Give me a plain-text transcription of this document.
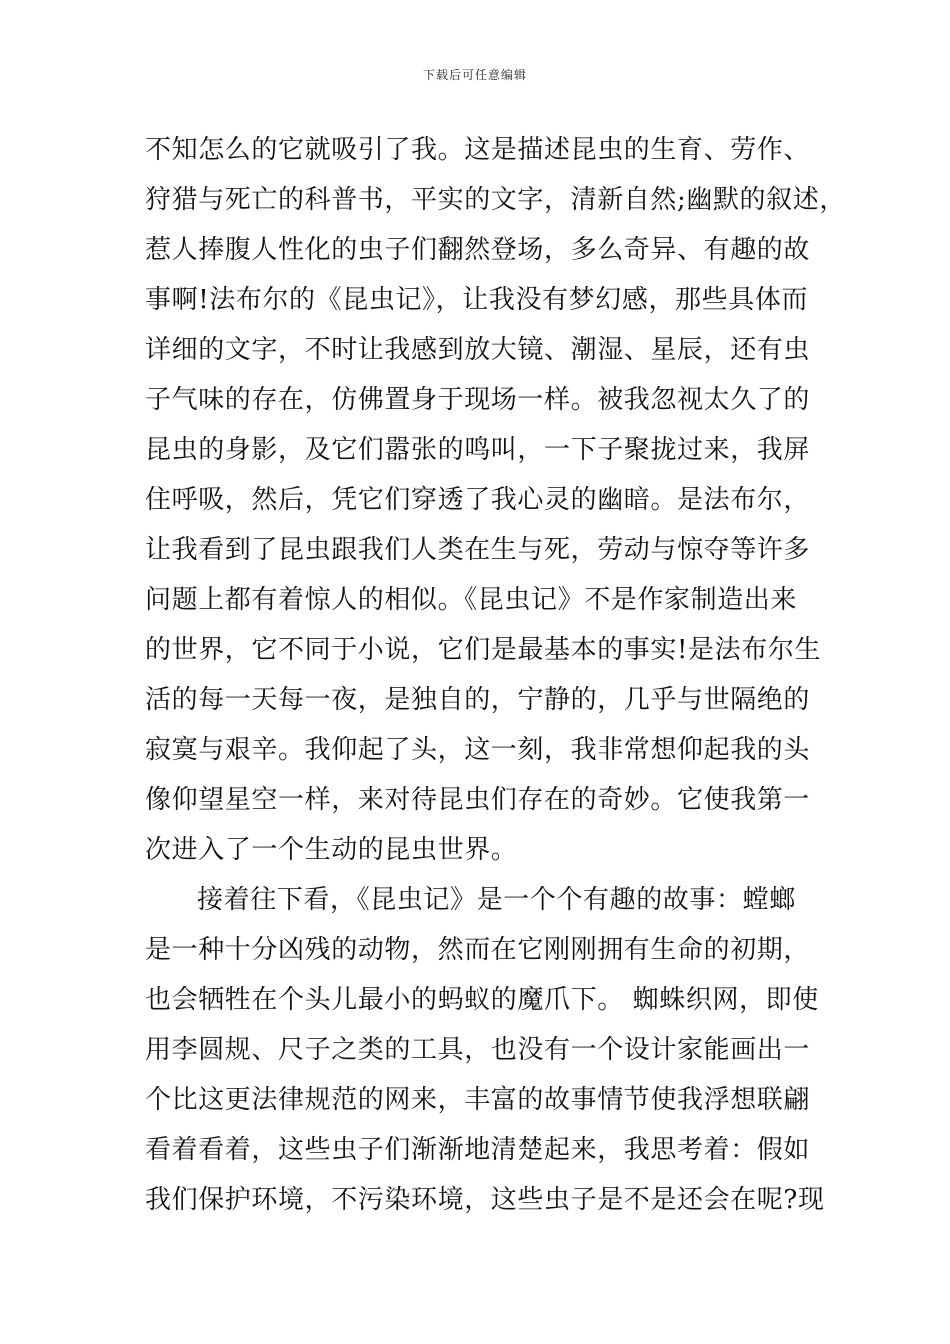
下载后可任意编辑
不知怎么的它就吸引了我。这是描述昆虫的生育、劳作、
狩猎与死亡的科普书，平实的文字，清新自然;幽默的叙述，
惹人捧腹人性化的虫子们翻然登场，多么奇异、有趣的故
事啊!法布尔的《昆虫记》，让我没有梦幻感，那些具体而
详细的文字，不时让我感到放大镜、潮湿、星辰，还有虫
子气味的存在，仿佛置身于现场一样。被我忽视太久了的
昆虫的身影，及它们嚣张的鸣叫，一下子聚拢过来，我屏
住呼吸，然后，凭它们穿透了我心灵的幽暗。是法布尔，
让我看到了昆虫跟我们人类在生与死，劳动与惊夺等许多
问题上都有着惊人的相似。《昆虫记》不是作家制造出来
的世界，它不同于小说，它们是最基本的事实!是法布尔生
活的每一天每一夜，是独自的，宁静的，几乎与世隔绝的
寂寞与艰辛。我仰起了头，这一刻，我非常想仰起我的头
像仰望星空一样，来对待昆虫们存在的奇妙。它使我第一
次进入了一个生动的昆虫世界。
接着往下看，《昆虫记》是一个个有趣的故事：螳螂
是一种十分凶残的动物，然而在它刚刚拥有生命的初期，
也会牺牲在个头儿最小的蚂蚁的魔爪下。 蜘蛛织网，即使
用李圆规、尺子之类的工具，也没有一个设计家能画出一
个比这更法律规范的网来，丰富的故事情节使我浮想联翩
看着看着，这些虫子们渐渐地清楚起来，我思考着：假如
我们保护环境，不污染环境，这些虫子是不是还会在呢?现
